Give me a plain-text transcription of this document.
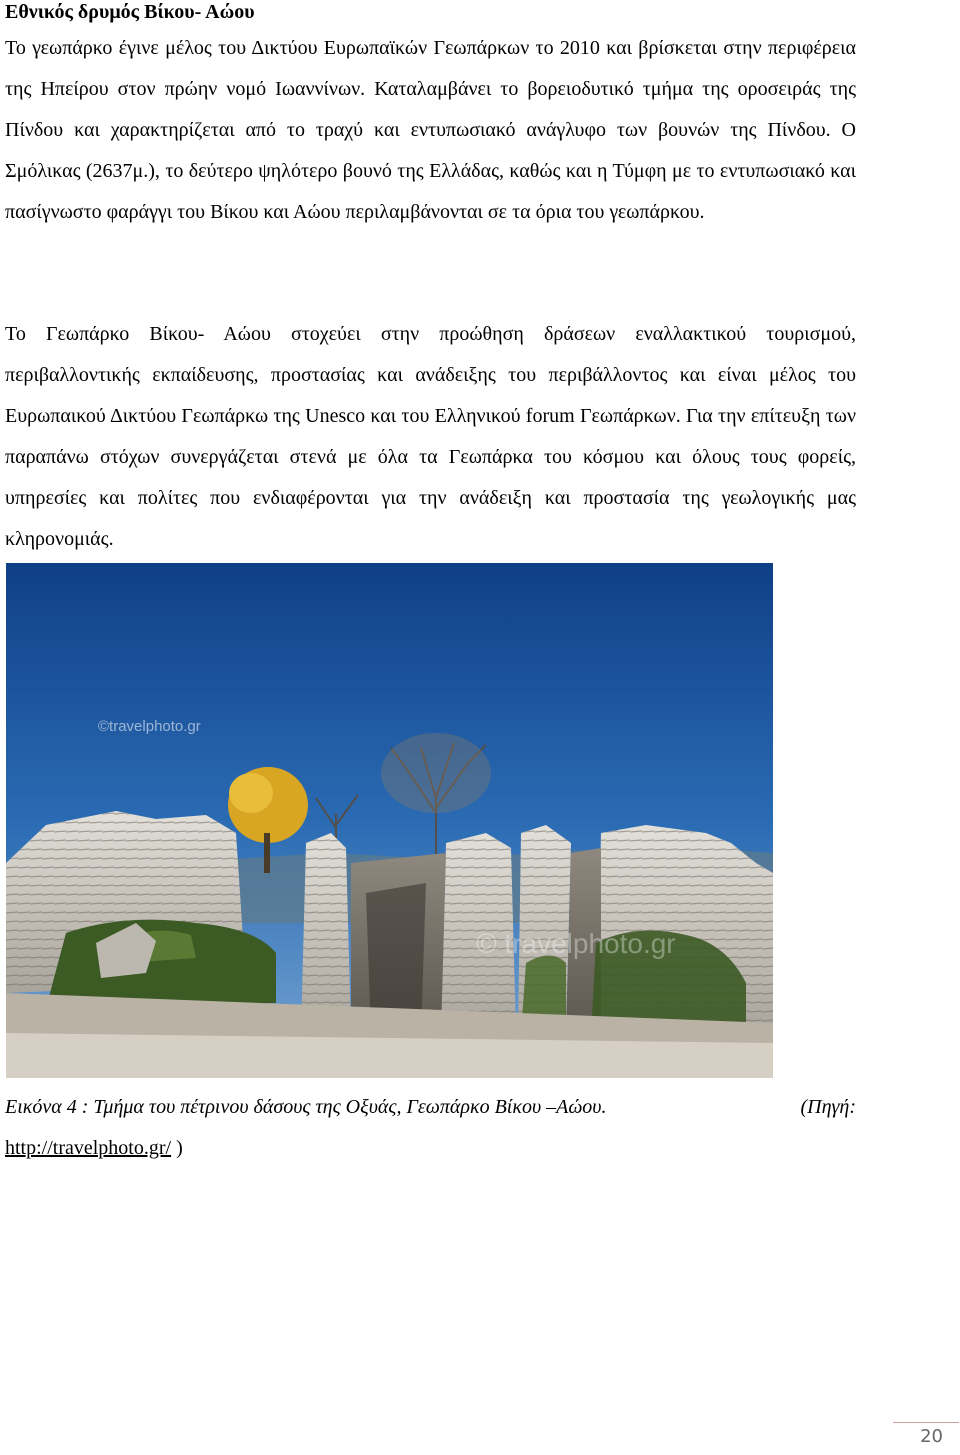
Εθνικός δρυμός Βίκου- Αώου

Το γεωπάρκο έγινε μέλος του Δικτύου Ευρωπαϊκών Γεωπάρκων το 2010 και βρίσκεται στην περιφέρεια της Ηπείρου στον πρώην νομό Ιωαννίνων. Καταλαμβάνει το βορειοδυτικό τμήμα της οροσειράς της Πίνδου και χαρακτηρίζεται από το τραχύ και εντυπωσιακό ανάγλυφο των βουνών της Πίνδου. Ο Σμόλικας (2637μ.), το δεύτερο ψηλότερο βουνό της Ελλάδας, καθώς και η Τύμφη με το εντυπωσιακό και πασίγνωστο φαράγγι του Βίκου και Αώου περιλαμβάνονται σε τα όρια του γεωπάρκου.

Το Γεωπάρκο Βίκου- Αώου στοχεύει στην προώθηση δράσεων εναλλακτικού τουρισμού, περιβαλλοντικής εκπαίδευσης, προστασίας και ανάδειξης του περιβάλλοντος και είναι μέλος του Ευρωπαικού Δικτύου Γεωπάρκω της Unesco και του Ελληνικού forum Γεωπάρκων. Για την επίτευξη των παραπάνω στόχων συνεργάζεται στενά με όλα τα Γεωπάρκα του κόσμου και όλους τους φορείς, υπηρεσίες και πολίτες που ενδιαφέρονται για την ανάδειξη και προστασία της γεωλογικής μας κληρονομιάς.

©travelphoto.gr
© travelphoto.gr

Εικόνα 4 : Τμήμα του πέτρινου δάσους της Οξυάς, Γεωπάρκο Βίκου –Αώου.	(Πηγή:

http://travelphoto.gr/ )

20
